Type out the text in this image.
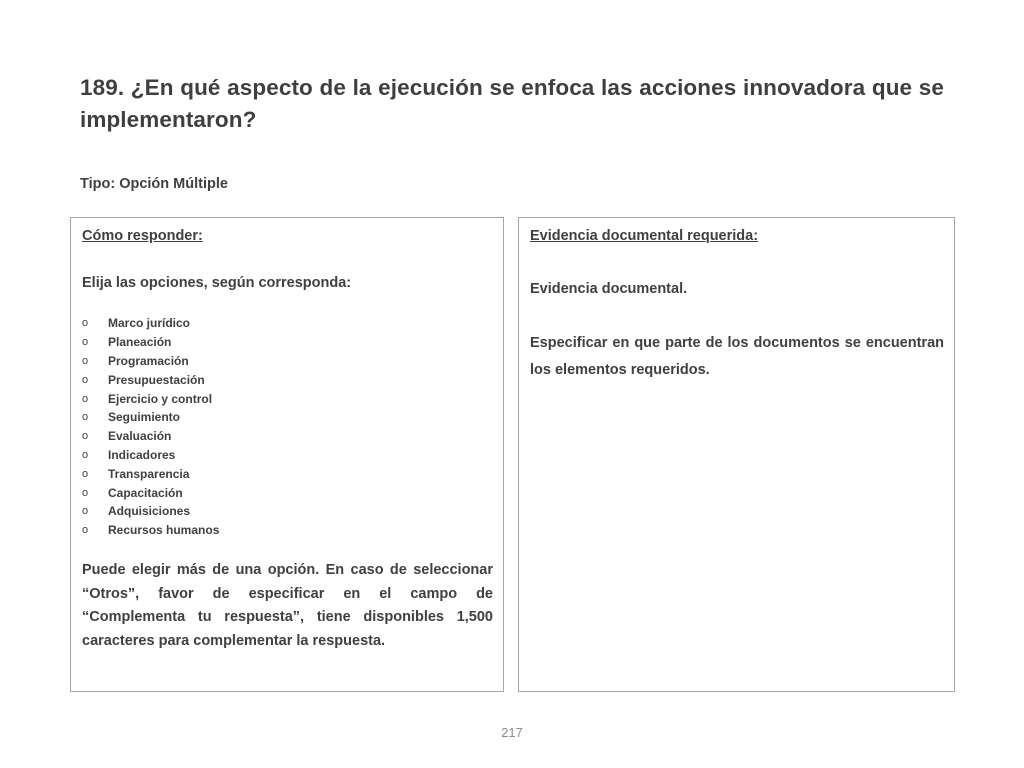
189. ¿En qué aspecto de la ejecución se enfoca las acciones innovadora que se implementaron?

Tipo: Opción Múltiple

Cómo responder:

Elija las opciones, según corresponda:

o	Marco jurídico
o	Planeación
o	Programación
o	Presupuestación
o	Ejercicio y control
o	Seguimiento
o	Evaluación
o	Indicadores
o	Transparencia
o	Capacitación
o	Adquisiciones
o	Recursos humanos

Puede elegir más de una opción. En caso de seleccionar “Otros”, favor de especificar en el campo de “Complementa tu respuesta”, tiene disponibles 1,500 caracteres para complementar la respuesta.

Evidencia documental requerida:

Evidencia documental.

Especificar en que parte de los documentos se encuentran los elementos requeridos.

217
